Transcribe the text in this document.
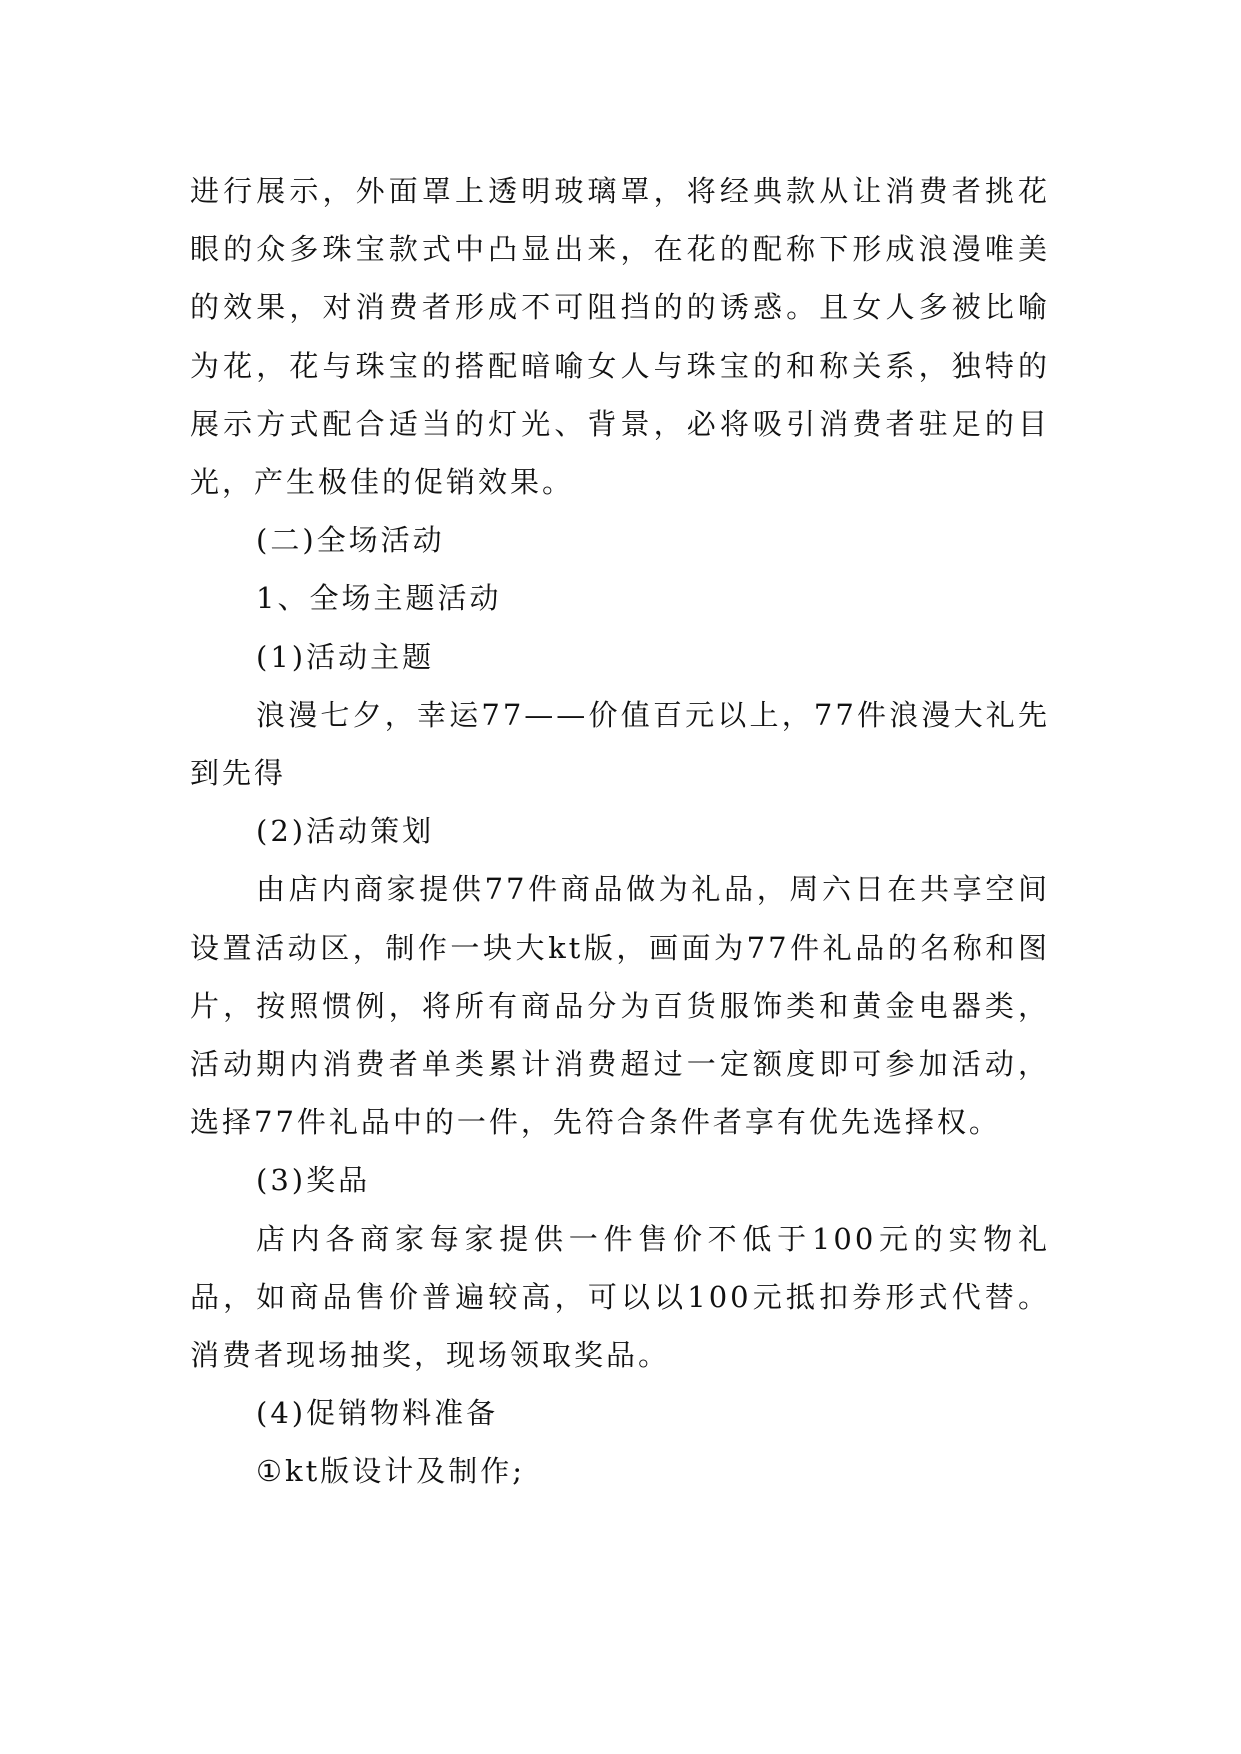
进行展示，外面罩上透明玻璃罩，将经典款从让消费者挑花眼的众多珠宝款式中凸显出来，在花的配称下形成浪漫唯美的效果，对消费者形成不可阻挡的的诱惑。且女人多被比喻为花，花与珠宝的搭配暗喻女人与珠宝的和称关系，独特的展示方式配合适当的灯光、背景，必将吸引消费者驻足的目光，产生极佳的促销效果。

(二)全场活动

1、全场主题活动

(1)活动主题

浪漫七夕，幸运77——价值百元以上，77件浪漫大礼先到先得

(2)活动策划

由店内商家提供77件商品做为礼品，周六日在共享空间设置活动区，制作一块大kt版，画面为77件礼品的名称和图片，按照惯例，将所有商品分为百货服饰类和黄金电器类，活动期内消费者单类累计消费超过一定额度即可参加活动，选择77件礼品中的一件，先符合条件者享有优先选择权。

(3)奖品

店内各商家每家提供一件售价不低于100元的实物礼品，如商品售价普遍较高，可以以100元抵扣券形式代替。消费者现场抽奖，现场领取奖品。

(4)促销物料准备

①kt版设计及制作;
